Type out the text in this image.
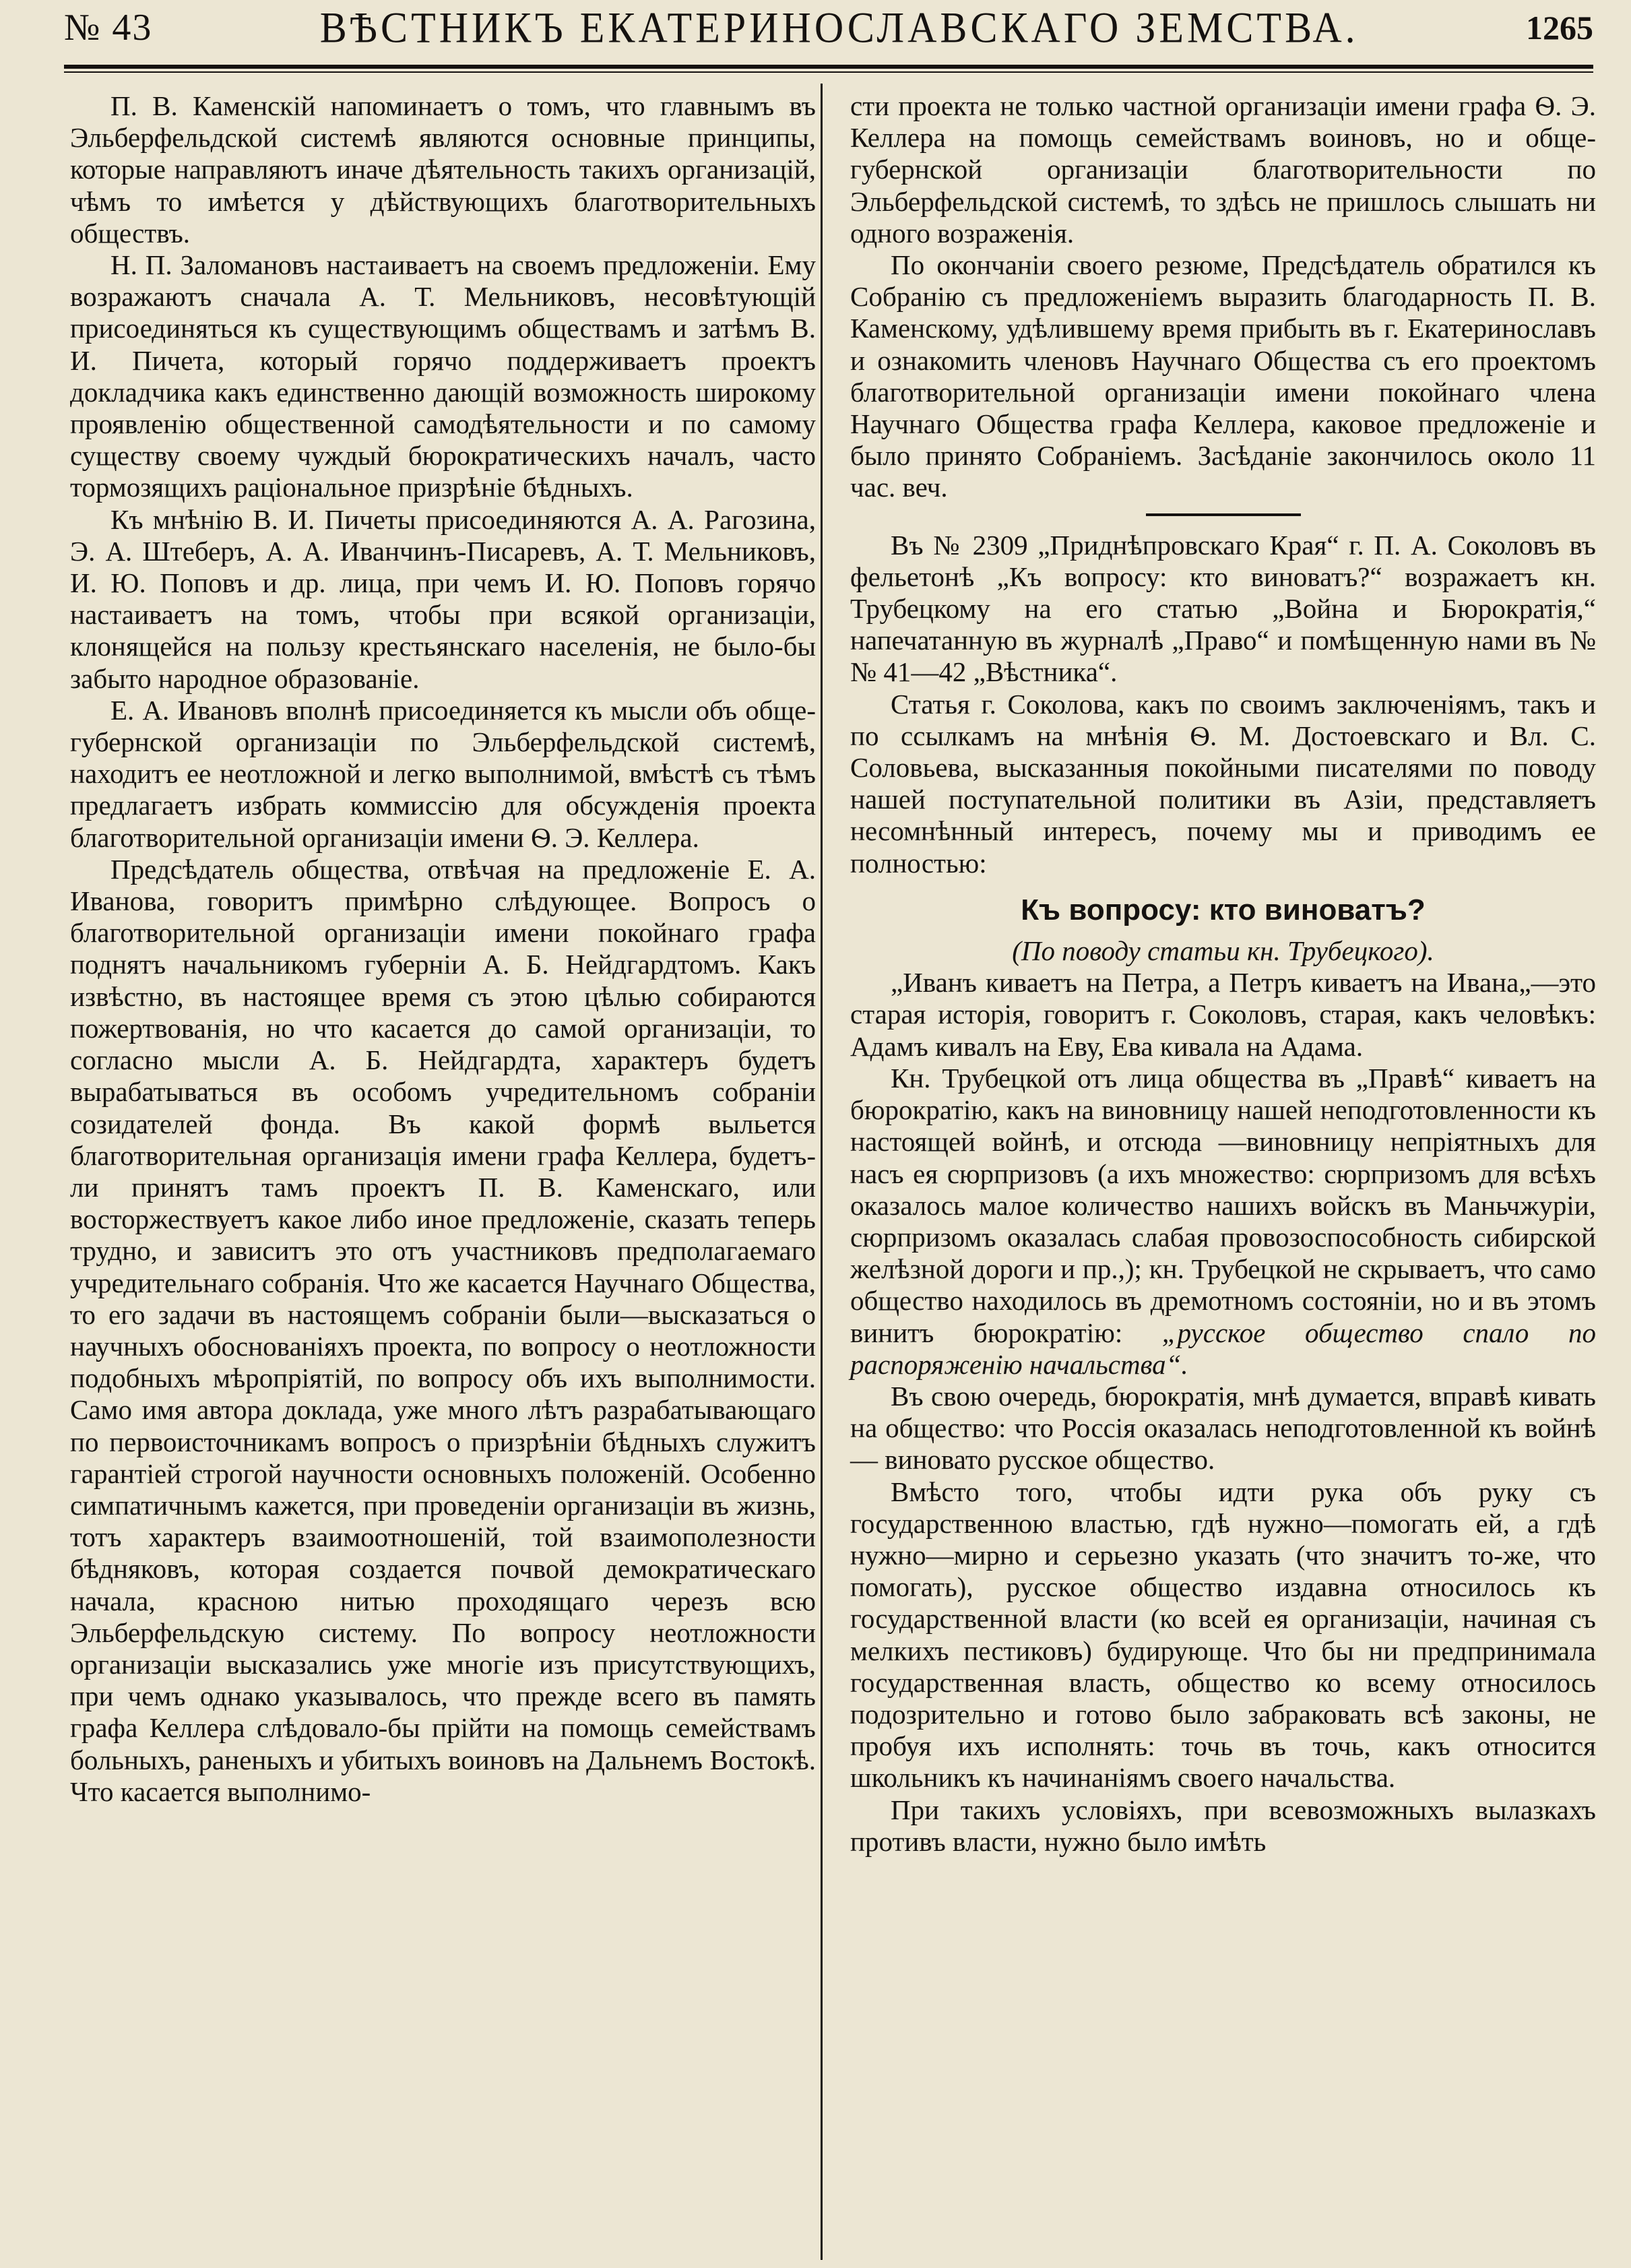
№ 43	ВѢСТНИКЪ ЕКАТЕРИНОСЛАВСКАГО ЗЕМСТВА.	1265

П. В. Каменскiй напоминаетъ о томъ, что главнымъ въ Эльберфельдской системѣ являются основные принципы, которые направляютъ иначе дѣятельность такихъ организацiй, чѣмъ то имѣется у дѣйствующихъ благотворительныхъ обществъ.

Н. П. Заломановъ настаиваетъ на своемъ предложенiи. Ему возражаютъ сначала А. Т. Мельниковъ, несовѣтующiй присоединяться къ существующимъ обществамъ и затѣмъ В. И. Пичета, который горячо поддерживаетъ проектъ докладчика какъ единственно дающiй возможность широкому проявленiю общественной самодѣятельности и по самому существу своему чуждый бюрократическихъ началъ, часто тормозящихъ рацiональное призрѣнiе бѣдныхъ.

Къ мнѣнiю В. И. Пичеты присоединяются А. А. Рагозина, Э. А. Штеберъ, А. А. Иванчинъ-Писаревъ, А. Т. Мельниковъ, И. Ю. Поповъ и др. лица, при чемъ И. Ю. Поповъ горячо настаиваетъ на томъ, чтобы при всякой организацiи, клонящейся на пользу крестьянскаго населенiя, не было-бы забыто народное образованiе.

Е. А. Ивановъ вполнѣ присоединяется къ мысли объ обще-губернской организацiи по Эльберфельдской системѣ, находитъ ее неотложной и легко выполнимой, вмѣстѣ съ тѣмъ предлагаетъ избрать коммиссiю для обсужденiя проекта благотворительной организацiи имени Ѳ. Э. Келлера.

Предсѣдатель общества, отвѣчая на предложенiе Е. А. Иванова, говоритъ примѣрно слѣдующее. Вопросъ о благотворительной организацiи имени покойнаго графа поднятъ начальникомъ губернiи А. Б. Нейдгардтомъ. Какъ извѣстно, въ настоящее время съ этою цѣлью собираются пожертвованiя, но что касается до самой организацiи, то согласно мысли А. Б. Нейдгардта, характеръ будетъ вырабатываться въ особомъ учредительномъ собранiи созидателей фонда. Въ какой формѣ выльется благотворительная организацiя имени графа Келлера, будетъ-ли принятъ тамъ проектъ П. В. Каменскаго, или восторжествуетъ какое либо иное предложенiе, сказать теперь трудно, и зависитъ это отъ участниковъ предполагаемаго учредительнаго собранiя. Что же касается Научнаго Общества, то его задачи въ настоящемъ собранiи были—высказаться о научныхъ обоснованiяхъ проекта, по вопросу о неотложности подобныхъ мѣропрiятiй, по вопросу объ ихъ выполнимости. Само имя автора доклада, уже много лѣтъ разрабатывающаго по первоисточникамъ вопросъ о призрѣнiи бѣдныхъ служитъ гарантiей строгой научности основныхъ положенiй. Особенно симпатичнымъ кажется, при проведенiи организацiи въ жизнь, тотъ характеръ взаимоотношенiй, той взаимополезности бѣдняковъ, которая создается почвой демократическаго начала, красною нитью проходящаго черезъ всю Эльберфельдскую систему. По вопросу неотложности организацiи высказались уже многiе изъ присутствующихъ, при чемъ однако указывалось, что прежде всего въ память графа Келлера слѣдовало-бы прiйти на помощь семействамъ больныхъ, раненыхъ и убитыхъ воиновъ на Дальнемъ Востокѣ. Что касается выполнимо-

сти проекта не только частной организацiи имени графа Ѳ. Э. Келлера на помощь семействамъ воиновъ, но и обще-губернской организацiи благотворительности по Эльберфельдской системѣ, то здѣсь не пришлось слышать ни одного возраженiя.

По окончанiи своего резюме, Предсѣдатель обратился къ Собранiю съ предложенiемъ выразить благодарность П. В. Каменскому, удѣлившему время прибыть въ г. Екатеринославъ и ознакомить членовъ Научнаго Общества съ его проектомъ благотворительной организацiи имени покойнаго члена Научнаго Общества графа Келлера, каковое предложенiе и было принято Собранiемъ. Засѣданiе закончилось около 11 час. веч.

Въ № 2309 „Приднѣпровскаго Края“ г. П. А. Соколовъ въ фельетонѣ „Къ вопросу: кто виноватъ?“ возражаетъ кн. Трубецкому на его статью „Война и Бюрократiя,“ напечатанную въ журналѣ „Право“ и помѣщенную нами въ №№ 41—42 „Вѣстника“.

Статья г. Соколова, какъ по своимъ заключенiямъ, такъ и по ссылкамъ на мнѣнiя Ѳ. М. Достоевскаго и Вл. С. Соловьева, высказанныя покойными писателями по поводу нашей поступательной политики въ Азiи, представляетъ несомнѣнный интересъ, почему мы и приводимъ ее полностью:

Къ вопросу: кто виноватъ?

(По поводу статьи кн. Трубецкого).

„Иванъ киваетъ на Петра, а Петръ киваетъ на Ивана„—это старая исторiя, говоритъ г. Соколовъ, старая, какъ человѣкъ: Адамъ кивалъ на Еву, Ева кивала на Адама.

Кн. Трубецкой отъ лица общества въ „Правѣ“ киваетъ на бюрократiю, какъ на виновницу нашей неподготовленности къ настоящей войнѣ, и отсюда —виновницу непрiятныхъ для насъ ея сюрпризовъ (а ихъ множество: сюрпризомъ для всѣхъ оказалось малое количество нашихъ войскъ въ Маньчжурiи, сюрпризомъ оказалась слабая провозоспособность сибирской желѣзной дороги и пр.,); кн. Трубецкой не скрываетъ, что само общество находилось въ дремотномъ состоянiи, но и въ этомъ винитъ бюрократiю: „русское общество спало по распоряженiю начальства“.

Въ свою очередь, бюрократiя, мнѣ думается, вправѣ кивать на общество: что Россiя оказалась неподготовленной къ войнѣ— виновато русское общество.

Вмѣсто того, чтобы идти рука объ руку съ государственною властью, гдѣ нужно—помогать ей, а гдѣ нужно—мирно и серьезно указать (что значитъ то-же, что помогать), русское общество издавна относилось къ государственной власти (ко всей ея организацiи, начиная съ мелкихъ пестиковъ) будирующе. Что бы ни предпринимала государственная власть, общество ко всему относилось подозрительно и готово было забраковать всѣ законы, не пробуя ихъ исполнять: точь въ точь, какъ относится школьникъ къ начинанiямъ своего начальства.

При такихъ условiяхъ, при всевозможныхъ вылазкахъ противъ власти, нужно было имѣть
